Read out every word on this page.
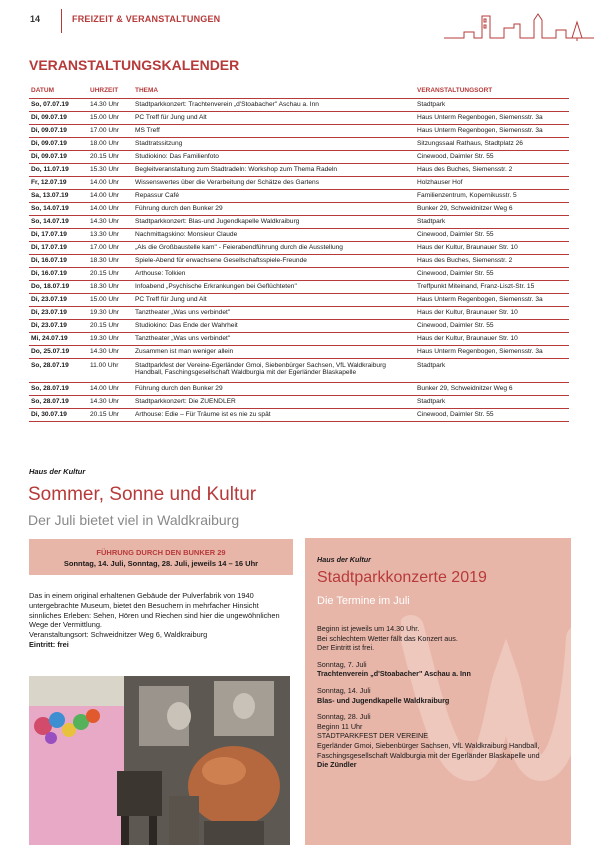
14	FREIZEIT & VERANSTALTUNGEN
VERANSTALTUNGSKALENDER
DATUM	UHRZEIT	THEMA	VERANSTALTUNGSORT
So, 07.07.19	14.30 Uhr	Stadtparkkonzert: Trachtenverein „d'Stoabacher" Aschau a. Inn	Stadtpark
Di, 09.07.19	15.00 Uhr	PC Treff für Jung und Alt	Haus Unterm Regenbogen, Siemensstr. 3a
Di, 09.07.19	17.00 Uhr	MS Treff	Haus Unterm Regenbogen, Siemensstr. 3a
Di, 09.07.19	18.00 Uhr	Stadtratssitzung	Sitzungssaal Rathaus, Stadtplatz 26
Di, 09.07.19	20.15 Uhr	Studiokino: Das Familienfoto	Cinewood, Daimler Str. 55
Do, 11.07.19	15.30 Uhr	Begleitveranstaltung zum Stadtradeln: Workshop zum Thema Radeln	Haus des Buches, Siemensstr. 2
Fr, 12.07.19	14.00 Uhr	Wissenswertes über die Verarbeitung der Schätze des Gartens	Holzhauser Hof
Sa, 13.07.19	14.00 Uhr	Repassur Café	Familienzentrum, Kopernikusstr. 5
So, 14.07.19	14.00 Uhr	Führung durch den Bunker 29	Bunker 29, Schweidnitzer Weg 6
So, 14.07.19	14.30 Uhr	Stadtparkkonzert: Blas-und Jugendkapelle Waldkraiburg	Stadtpark
Di, 17.07.19	13.30 Uhr	Nachmittagskino: Monsieur Claude	Cinewood, Daimler Str. 55
Di, 17.07.19	17.00 Uhr	„Als die Großbaustelle kam" - Feierabendführung durch die Ausstellung	Haus der Kultur, Braunauer Str. 10
Di, 16.07.19	18.30 Uhr	Spiele-Abend für erwachsene Gesellschaftsspiele-Freunde	Haus des Buches, Siemensstr. 2
Di, 16.07.19	20.15 Uhr	Arthouse: Tolkien	Cinewood, Daimler Str. 55
Do, 18.07.19	18.30 Uhr	Infoabend „Psychische Erkrankungen bei Geflüchteten"	Treffpunkt Miteinand, Franz-Liszt-Str. 15
Di, 23.07.19	15.00 Uhr	PC Treff für Jung und Alt	Haus Unterm Regenbogen, Siemensstr. 3a
Di, 23.07.19	19.30 Uhr	Tanztheater „Was uns verbindet"	Haus der Kultur, Braunauer Str. 10
Di, 23.07.19	20.15 Uhr	Studiokino: Das Ende der Wahrheit	Cinewood, Daimler Str. 55
Mi, 24.07.19	19.30 Uhr	Tanztheater „Was uns verbindet"	Haus der Kultur, Braunauer Str. 10
Do, 25.07.19	14.30 Uhr	Zusammen ist man weniger allein	Haus Unterm Regenbogen, Siemensstr. 3a
So, 28.07.19	11.00 Uhr	Stadtparkfest der Vereine-Egerländer Gmoi, Siebenbürger Sachsen, VfL Waldkraiburg Handball, Faschingsgesellschaft Waldburgia mit der Egerländer Blaskapelle	Stadtpark
So, 28.07.19	14.00 Uhr	Führung durch den Bunker 29	Bunker 29, Schweidnitzer Weg 6
So, 28.07.19	14.30 Uhr	Stadtparkkonzert: Die ZUENDLER	Stadtpark
Di, 30.07.19	20.15 Uhr	Arthouse: Edie – Für Träume ist es nie zu spät	Cinewood, Daimler Str. 55
Haus der Kultur
Sommer, Sonne und Kultur
Der Juli bietet viel in Waldkraiburg
FÜHRUNG DURCH DEN BUNKER 29
Sonntag, 14. Juli, Sonntag, 28. Juli, jeweils 14 – 16 Uhr
Das in einem original erhaltenen Gebäude der Pulverfabrik von 1940 untergebrachte Museum, bietet den Besuchern in mehrfacher Hinsicht sinnliches Erleben: Sehen, Hören und Riechen sind hier die ungewöhnlichen Wege der Vermittlung.
Veranstaltungsort: Schweidnitzer Weg 6, Waldkraiburg
Eintritt: frei
Haus der Kultur
Stadtparkkonzerte 2019
Die Termine im Juli

Beginn ist jeweils um 14.30 Uhr.
Bei schlechtem Wetter fällt das Konzert aus.
Der Eintritt ist frei.

Sonntag, 7. Juli
Trachtenverein „d'Stoabacher" Aschau a. Inn

Sonntag, 14. Juli
Blas- und Jugendkapelle Waldkraiburg

Sonntag, 28. Juli
Beginn 11 Uhr
STADTPARKFEST DER VEREINE
Egerländer Gmoi, Siebenbürger Sachsen, VfL Waldkraiburg Handball, Faschingsgesellschaft Waldburgia mit der Egerländer Blaskapelle und
Die Zündler
